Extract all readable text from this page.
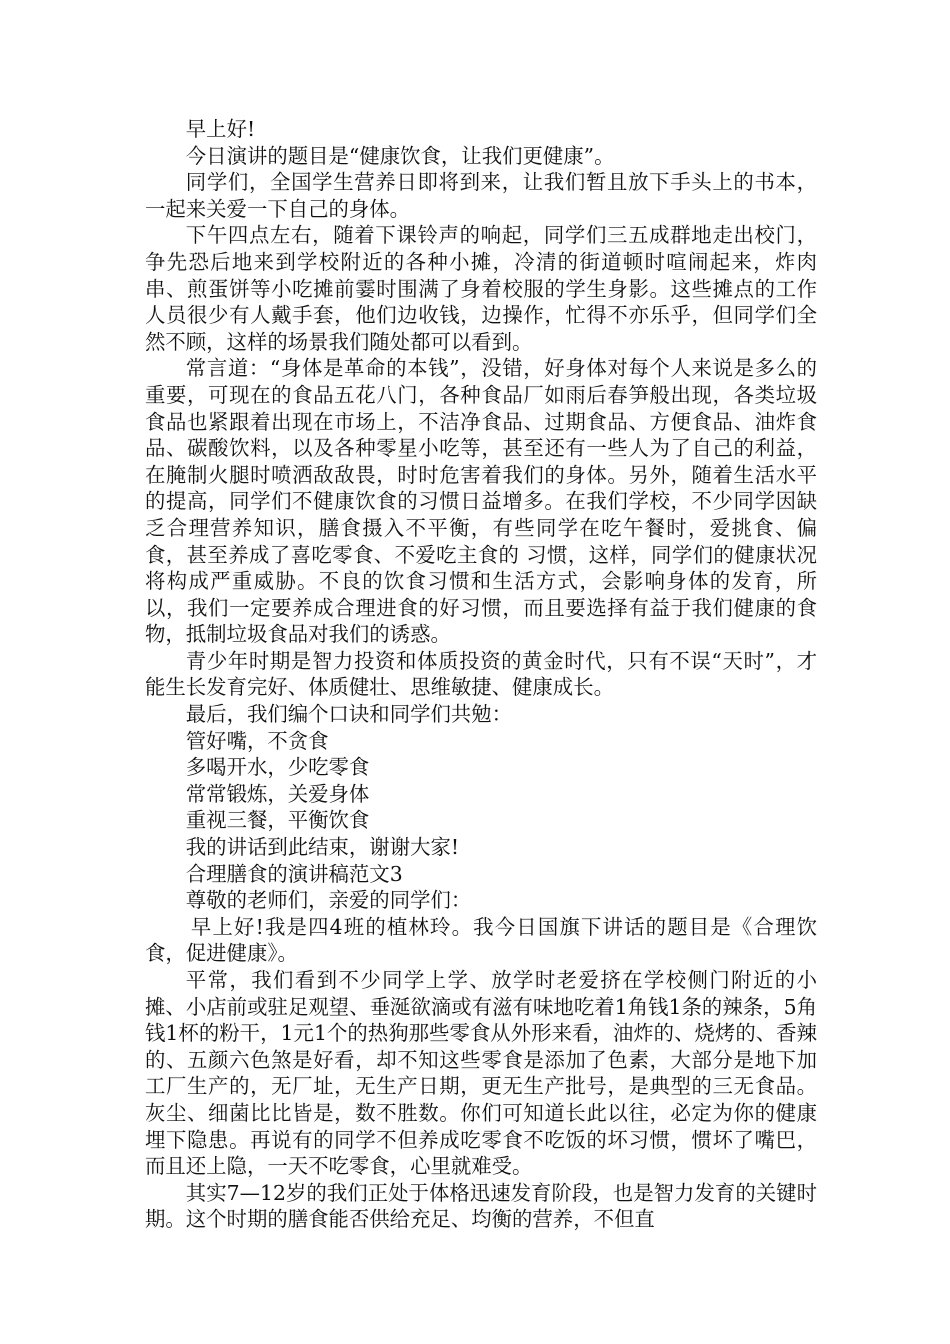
早上好!

今日演讲的题目是“健康饮食，让我们更健康”。

同学们，全国学生营养日即将到来，让我们暂且放下手头上的书本，一起来关爱一下自己的身体。

下午四点左右，随着下课铃声的响起，同学们三五成群地走出校门，争先恐后地来到学校附近的各种小摊，冷清的街道顿时喧闹起来，炸肉串、煎蛋饼等小吃摊前霎时围满了身着校服的学生身影。这些摊点的工作人员很少有人戴手套，他们边收钱，边操作，忙得不亦乐乎，但同学们全然不顾，这样的场景我们随处都可以看到。

常言道：“身体是革命的本钱”，没错，好身体对每个人来说是多么的重要，可现在的食品五花八门，各种食品厂如雨后春笋般出现，各类垃圾食品也紧跟着出现在市场上，不洁净食品、过期食品、方便食品、油炸食品、碳酸饮料，以及各种零星小吃等，甚至还有一些人为了自己的利益，在腌制火腿时喷洒敌敌畏，时时危害着我们的身体。另外，随着生活水平的提高，同学们不健康饮食的习惯日益增多。在我们学校，不少同学因缺乏合理营养知识，膳食摄入不平衡，有些同学在吃午餐时，爱挑食、偏食，甚至养成了喜吃零食、不爱吃主食的 习惯，这样，同学们的健康状况将构成严重威胁。不良的饮食习惯和生活方式，会影响身体的发育，所以，我们一定要养成合理进食的好习惯，而且要选择有益于我们健康的食物，抵制垃圾食品对我们的诱惑。

青少年时期是智力投资和体质投资的黄金时代，只有不误“天时”，才能生长发育完好、体质健壮、思维敏捷、健康成长。

最后，我们编个口诀和同学们共勉：

管好嘴，不贪食

多喝开水，少吃零食

常常锻炼，关爱身体

重视三餐，平衡饮食

我的讲话到此结束，谢谢大家!

合理膳食的演讲稿范文3

尊敬的老师们，亲爱的同学们：

早上好!我是四4班的植林玲。我今日国旗下讲话的题目是《合理饮食，促进健康》。

平常，我们看到不少同学上学、放学时老爱挤在学校侧门附近的小摊、小店前或驻足观望、垂涎欲滴或有滋有味地吃着1角钱1条的辣条，5角钱1杯的粉干，1元1个的热狗那些零食从外形来看，油炸的、烧烤的、香辣的、五颜六色煞是好看，却不知这些零食是添加了色素，大部分是地下加工厂生产的，无厂址，无生产日期，更无生产批号，是典型的三无食品。灰尘、细菌比比皆是，数不胜数。你们可知道长此以往，必定为你的健康埋下隐患。再说有的同学不但养成吃零食不吃饭的坏习惯，惯坏了嘴巴，而且还上隐，一天不吃零食，心里就难受。

其实7—12岁的我们正处于体格迅速发育阶段，也是智力发育的关键时期。这个时期的膳食能否供给充足、均衡的营养，不但直
